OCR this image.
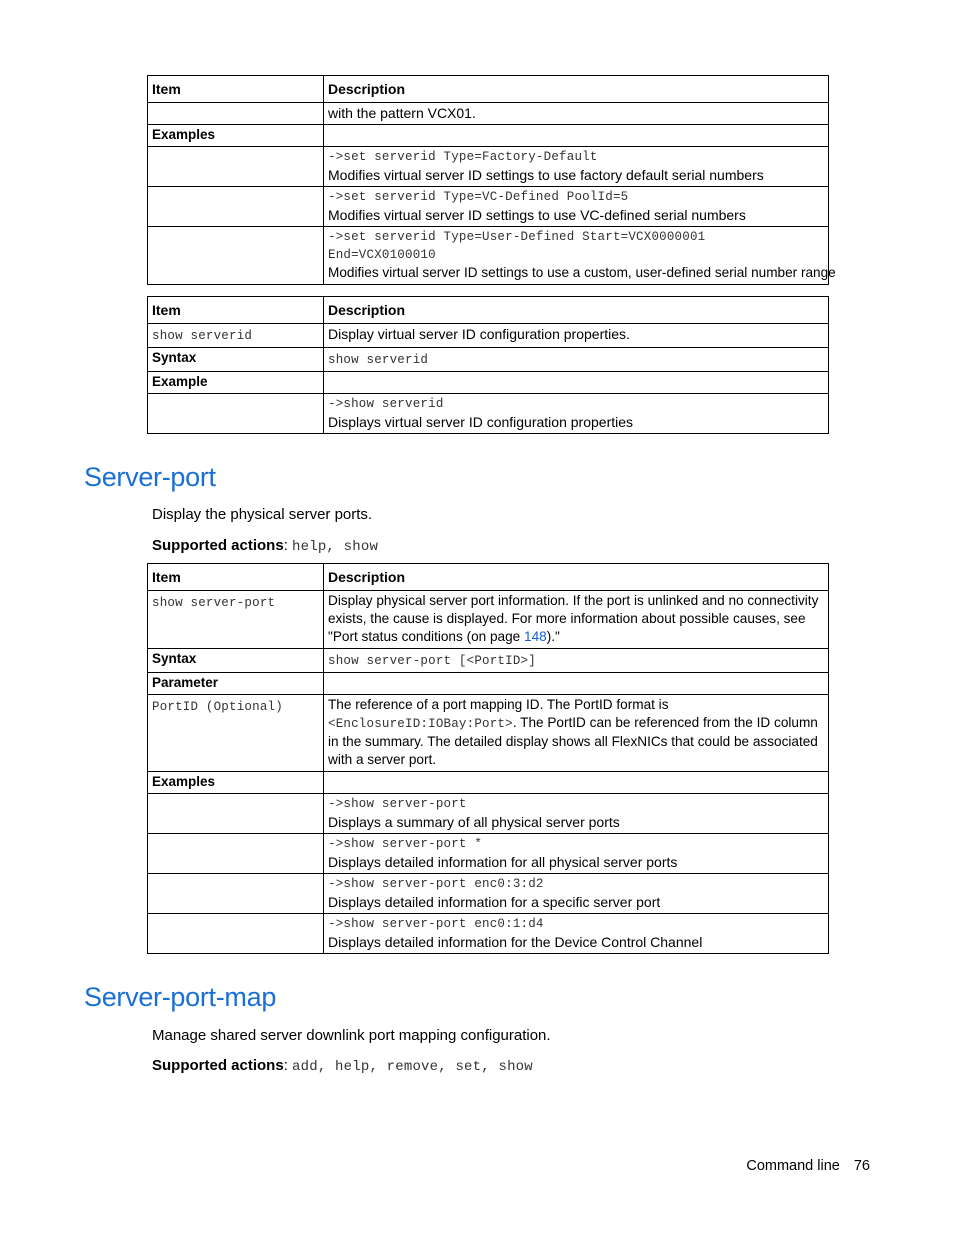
Item	Description
	with the pattern VCX01.
Examples	

	->set serverid Type=Factory-Default
Modifies virtual server ID settings to use factory default serial numbers

	->set serverid Type=VC-Defined PoolId=5
Modifies virtual server ID settings to use VC-defined serial numbers

	->set serverid Type=User-Defined Start=VCX0000001
End=VCX0100010
Modifies virtual server ID settings to use a custom, user-defined serial number range
Item	Description
show serverid	Display virtual server ID configuration properties.
Syntax	show serverid
Example	

	->show serverid
Displays virtual server ID configuration properties
Server-port

Display the physical server ports.

Supported actions: help, show

Item	Description
show server-port	Display physical server port information. If the port is unlinked and no connectivity exists, the cause is displayed. For more information about possible causes, see "Port status conditions (on page 148)."
Syntax	show server-port [<PortID>]
Parameter	
PortID (Optional)	The reference of a port mapping ID. The PortID format is
<EnclosureID:IOBay:Port>. The PortID can be referenced from the ID column in the summary. The detailed display shows all FlexNICs that could be associated with a server port.
Examples	

	->show server-port
Displays a summary of all physical server ports

	->show server-port *
Displays detailed information for all physical server ports

	->show server-port enc0:3:d2
Displays detailed information for a specific server port

	->show server-port enc0:1:d4
Displays detailed information for the Device Control Channel
Server-port-map

Manage shared server downlink port mapping configuration.

Supported actions: add, help, remove, set, show

Command line 76
